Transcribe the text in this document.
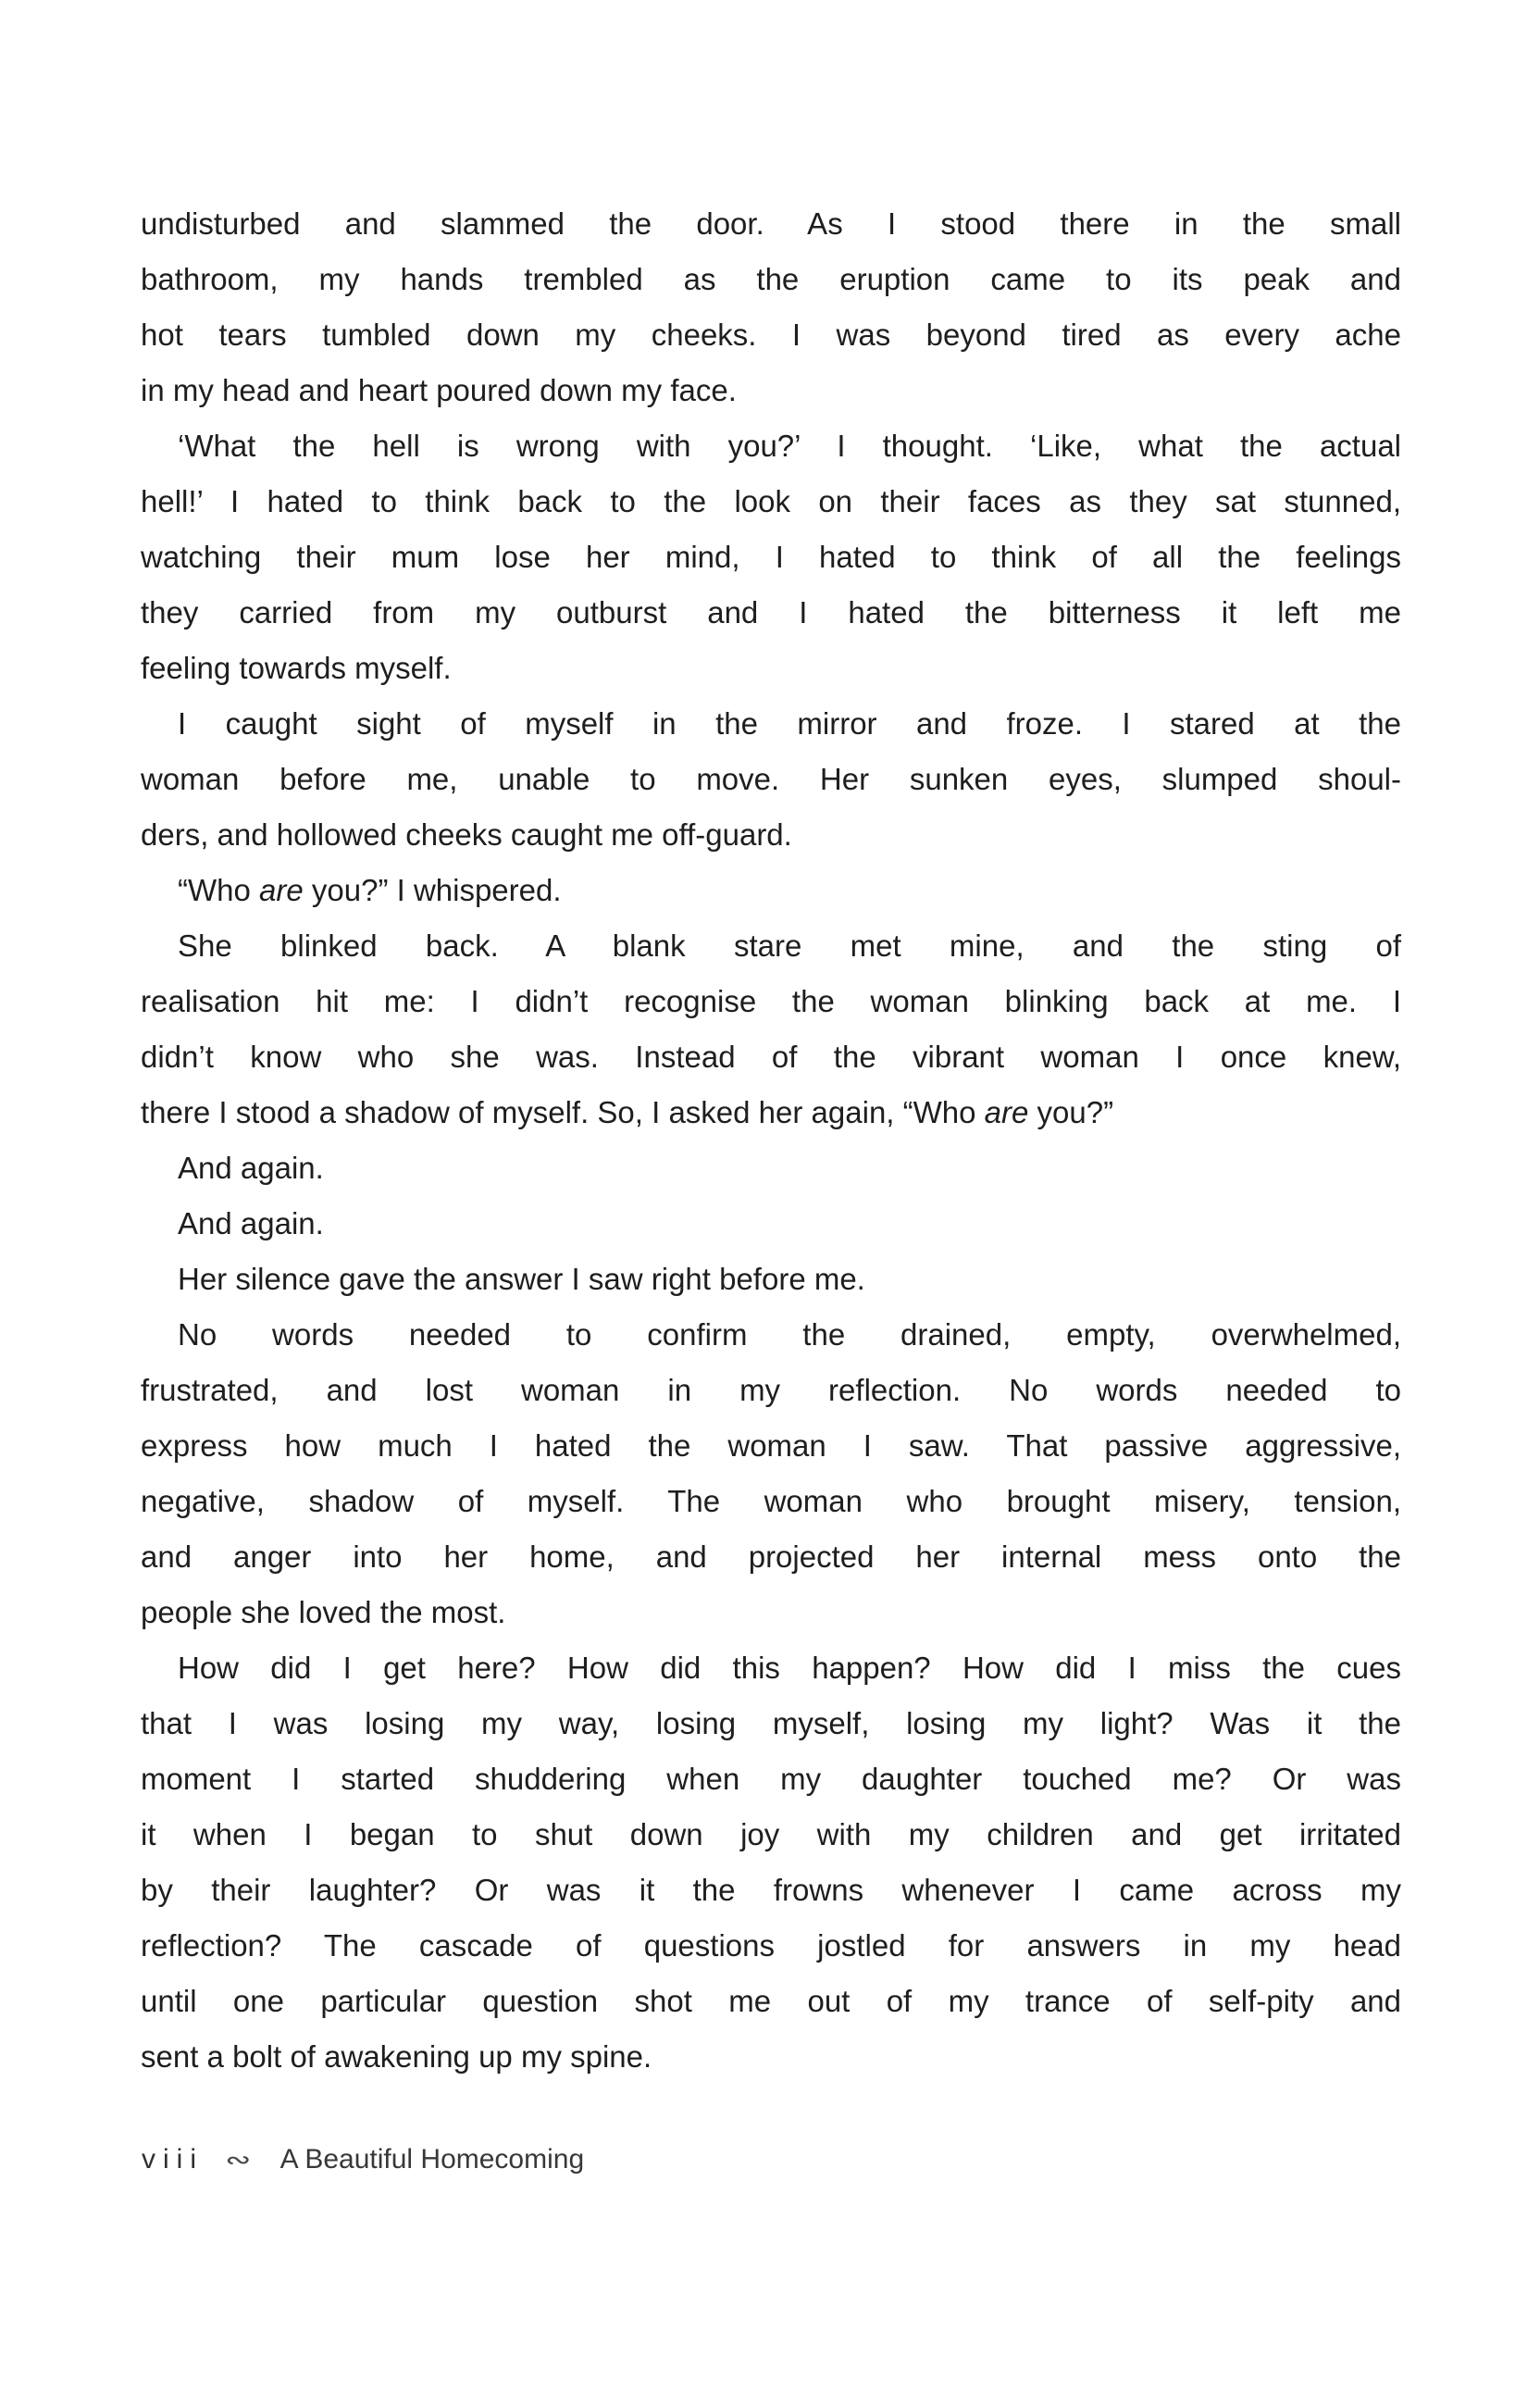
undisturbed and slammed the door. As I stood there in the small
bathroom, my hands trembled as the eruption came to its peak and
hot tears tumbled down my cheeks. I was beyond tired as every ache
in my head and heart poured down my face.
‘What the hell is wrong with you?’ I thought. ‘Like, what the actual
hell!’ I hated to think back to the look on their faces as they sat stunned,
watching their mum lose her mind, I hated to think of all the feelings
they carried from my outburst and I hated the bitterness it left me
feeling towards myself.
I caught sight of myself in the mirror and froze. I stared at the
woman before me, unable to move. Her sunken eyes, slumped shoul-
ders, and hollowed cheeks caught me off-guard.
“Who are you?” I whispered.
She blinked back. A blank stare met mine, and the sting of
realisation hit me: I didn’t recognise the woman blinking back at me. I
didn’t know who she was. Instead of the vibrant woman I once knew,
there I stood a shadow of myself. So, I asked her again, “Who are you?”
And again.
And again.
Her silence gave the answer I saw right before me.
No words needed to confirm the drained, empty, overwhelmed,
frustrated, and lost woman in my reflection. No words needed to
express how much I hated the woman I saw. That passive aggressive,
negative, shadow of myself. The woman who brought misery, tension,
and anger into her home, and projected her internal mess onto the
people she loved the most.
How did I get here? How did this happen? How did I miss the cues
that I was losing my way, losing myself, losing my light? Was it the
moment I started shuddering when my daughter touched me? Or was
it when I began to shut down joy with my children and get irritated
by their laughter? Or was it the frowns whenever I came across my
reflection? The cascade of questions jostled for answers in my head
until one particular question shot me out of my trance of self-pity and
sent a bolt of awakening up my spine.
viii ∾ A Beautiful Homecoming
